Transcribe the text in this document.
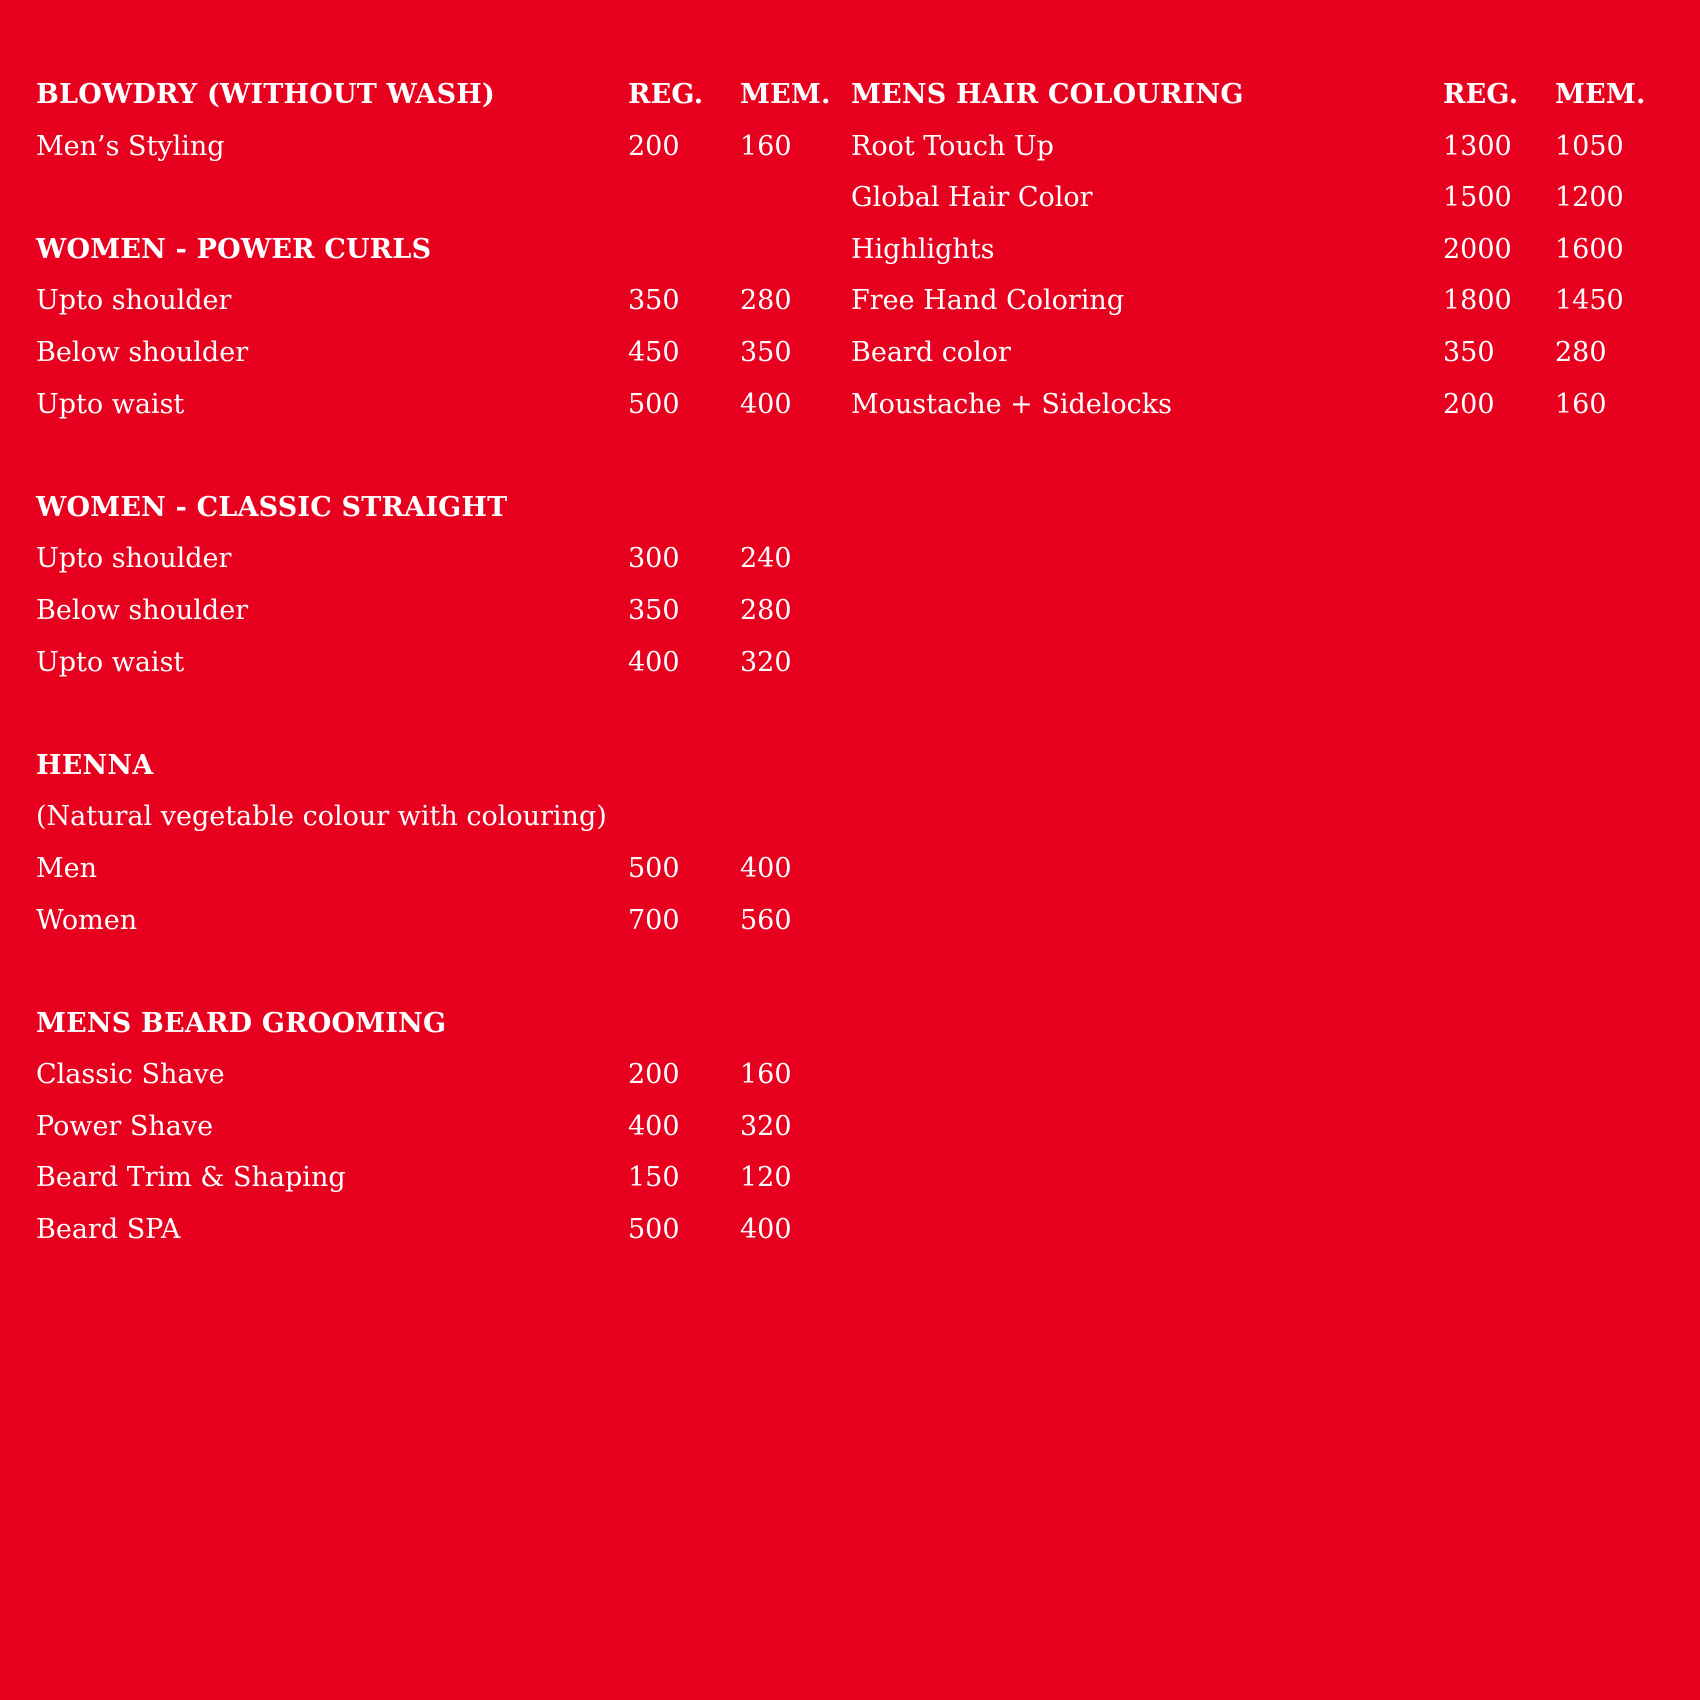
BLOWDRY (WITHOUT WASH)	REG. MEM.
Men’s Styling	200 160
WOMEN - POWER CURLS
Upto shoulder	350 280
Below shoulder	450 350
Upto waist	500 400
WOMEN - CLASSIC STRAIGHT
Upto shoulder	300 240
Below shoulder	350 280
Upto waist	400 320
HENNA
(Natural vegetable colour with colouring)
Men	500 400
Women	700 560
MENS BEARD GROOMING
Classic Shave	200 160
Power Shave	400 320
Beard Trim & Shaping	150 120
Beard SPA	500 400
MENS HAIR COLOURING	REG. MEM.
Root Touch Up	1300 1050
Global Hair Color	1500 1200
Highlights	2000 1600
Free Hand Coloring	1800 1450
Beard color	350 280
Moustache + Sidelocks	200 160
